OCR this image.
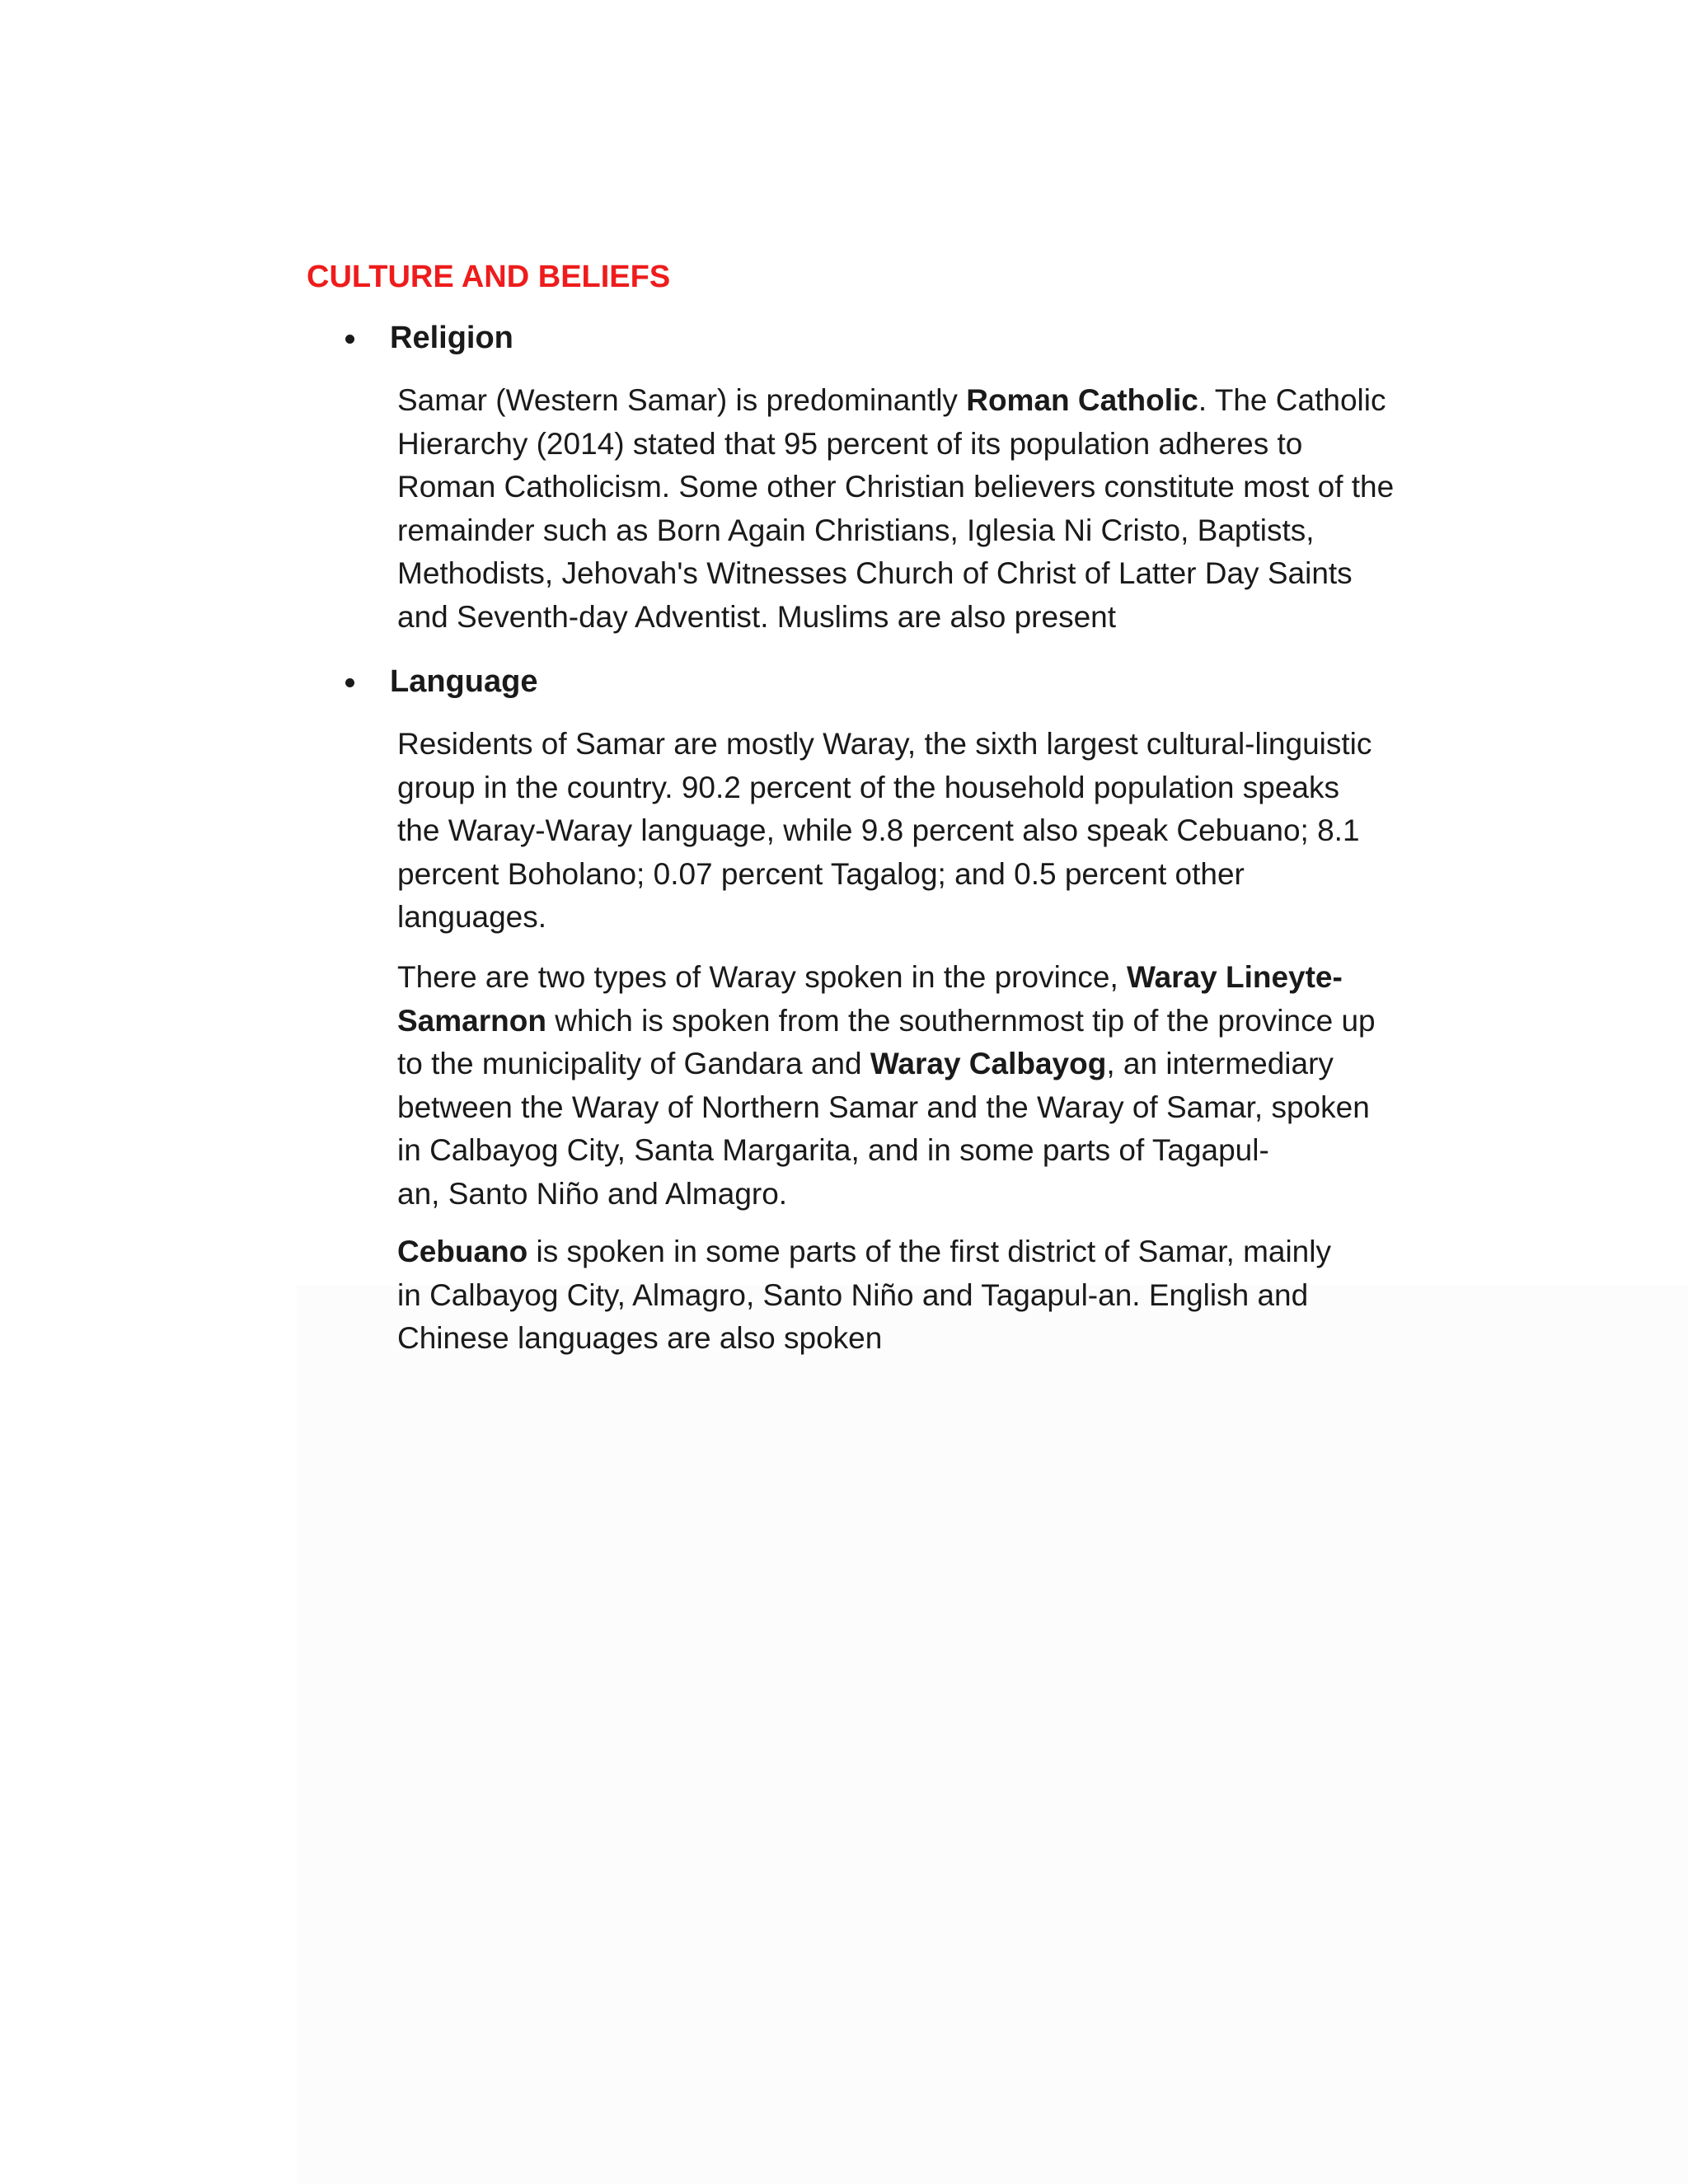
CULTURE AND BELIEFS
Religion

Samar (Western Samar) is predominantly Roman Catholic. The Catholic
Hierarchy (2014) stated that 95 percent of its population adheres to
Roman Catholicism. Some other Christian believers constitute most of the
remainder such as Born Again Christians, Iglesia Ni Cristo, Baptists,
Methodists, Jehovah's Witnesses Church of Christ of Latter Day Saints
and Seventh-day Adventist. Muslims are also present

Language

Residents of Samar are mostly Waray, the sixth largest cultural-linguistic
group in the country. 90.2 percent of the household population speaks
the Waray-Waray language, while 9.8 percent also speak Cebuano; 8.1
percent Boholano; 0.07 percent Tagalog; and 0.5 percent other
languages.

There are two types of Waray spoken in the province, Waray Lineyte-
Samarnon which is spoken from the southernmost tip of the province up
to the municipality of Gandara and Waray Calbayog, an intermediary
between the Waray of Northern Samar and the Waray of Samar, spoken
in Calbayog City, Santa Margarita, and in some parts of Tagapul-
an, Santo Niño and Almagro.

Cebuano is spoken in some parts of the first district of Samar, mainly
in Calbayog City, Almagro, Santo Niño and Tagapul-an. English and
Chinese languages are also spoken
